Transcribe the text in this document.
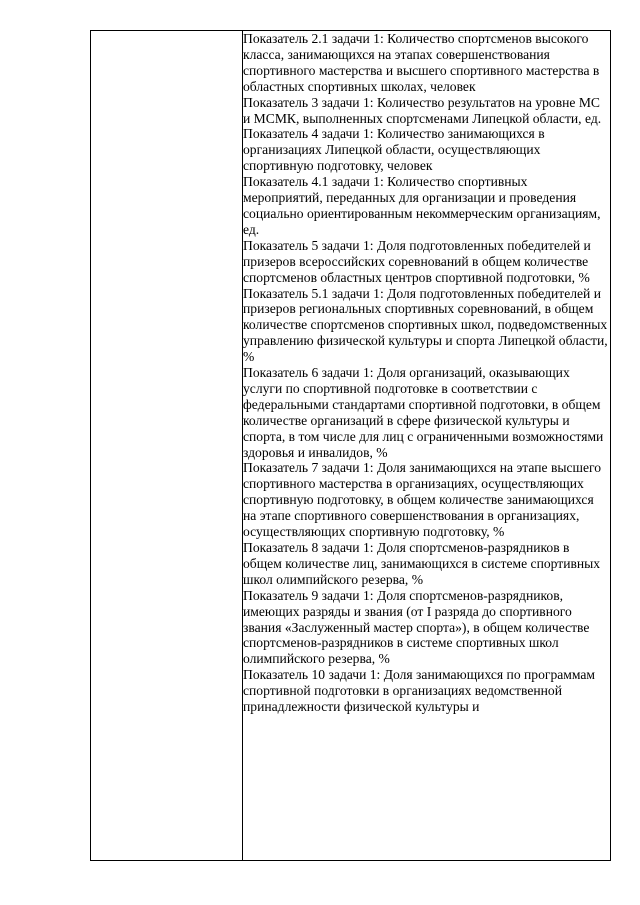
Показатель 2.1 задачи 1: Количество спортсменов высокого класса, занимающихся на этапах совершенствования спортивного мастерства и высшего спортивного мастерства в областных спортивных школах, человек

Показатель 3 задачи 1: Количество результатов на уровне МС и МСМК, выполненных спортсменами Липецкой области, ед.

Показатель 4 задачи 1: Количество занимающихся в организациях Липецкой области, осуществляющих спортивную подготовку, человек

Показатель 4.1 задачи 1: Количество спортивных мероприятий, переданных для организации и проведения социально ориентированным некоммерческим организациям, ед.

Показатель 5 задачи 1: Доля подготовленных победителей и призеров всероссийских соревнований в общем количестве спортсменов областных центров спортивной подготовки, %

Показатель 5.1 задачи 1: Доля подготовленных победителей и призеров региональных спортивных соревнований, в общем количестве спортсменов спортивных школ, подведомственных управлению физической культуры и спорта Липецкой области, %

Показатель 6 задачи 1: Доля организаций, оказывающих услуги по спортивной подготовке в соответствии с федеральными стандартами спортивной подготовки, в общем количестве организаций в сфере физической культуры и спорта, в том числе для лиц с ограниченными возможностями здоровья и инвалидов, %

Показатель 7 задачи 1: Доля занимающихся на этапе высшего спортивного мастерства в организациях, осуществляющих спортивную подготовку, в общем количестве занимающихся на этапе спортивного совершенствования в организациях, осуществляющих спортивную подготовку, %

Показатель 8 задачи 1: Доля спортсменов-разрядников в общем количестве лиц, занимающихся в системе спортивных школ олимпийского резерва, %

Показатель 9 задачи 1: Доля спортсменов-разрядников, имеющих разряды и звания (от I разряда до спортивного звания «Заслуженный мастер спорта»), в общем количестве спортсменов-разрядников в системе спортивных школ олимпийского резерва, %

Показатель 10 задачи 1: Доля занимающихся по программам спортивной подготовки в организациях ведомственной принадлежности физической культуры и
